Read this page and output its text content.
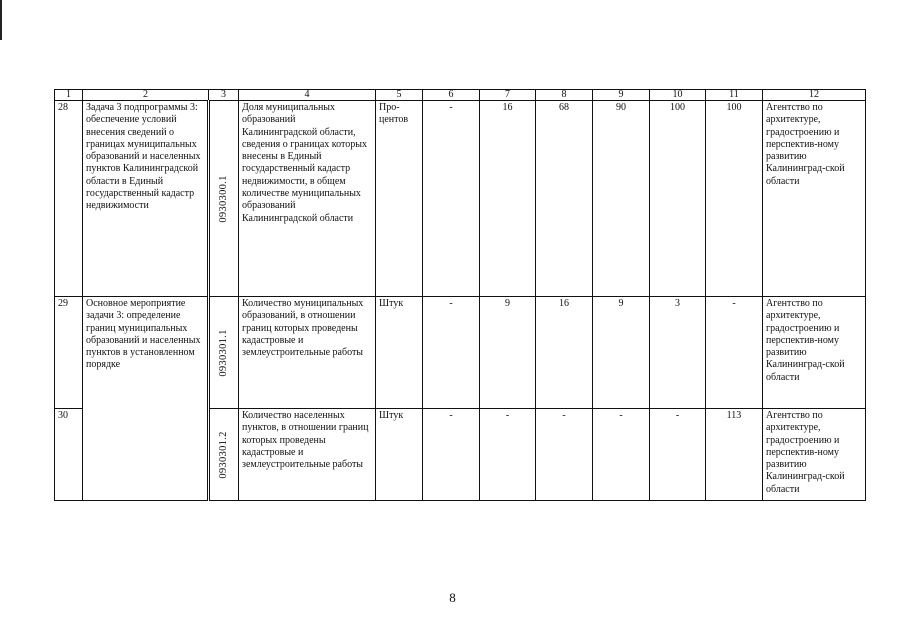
1	2	3	4	5	6	7	8	9	10	11	12
28	Задача 3 подпрограммы 3: обеспечение условий внесения сведений о границах муниципальных образований и населенных пунктов Калининградской области в Единый государственный кадастр недвижимости	0930300.1	Доля муниципальных образований Калининградской области, сведения о границах которых внесены в Единый государственный кадастр недвижимости, в общем количестве муниципальных образований Калининградской области	Про-центов	-	16	68	90	100	100	Агентство по архитектуре, градостроению и перспектив-ному развитию Калининград-ской области
29	Основное мероприятие задачи 3: определение границ муниципальных образований и населенных пунктов в установленном порядке	0930301.1	Количество муниципальных образований, в отношении границ которых проведены кадастровые и землеустроительные работы	Штук	-	9	16	9	3	-	Агентство по архитектуре, градостроению и перспектив-ному развитию Калининград-ской области
30		0930301.2	Количество населенных пунктов, в отношении границ которых проведены кадастровые и землеустроительные работы	Штук	-	-	-	-	-	113	Агентство по архитектуре, градостроению и перспектив-ному развитию Калининград-ской области
8
